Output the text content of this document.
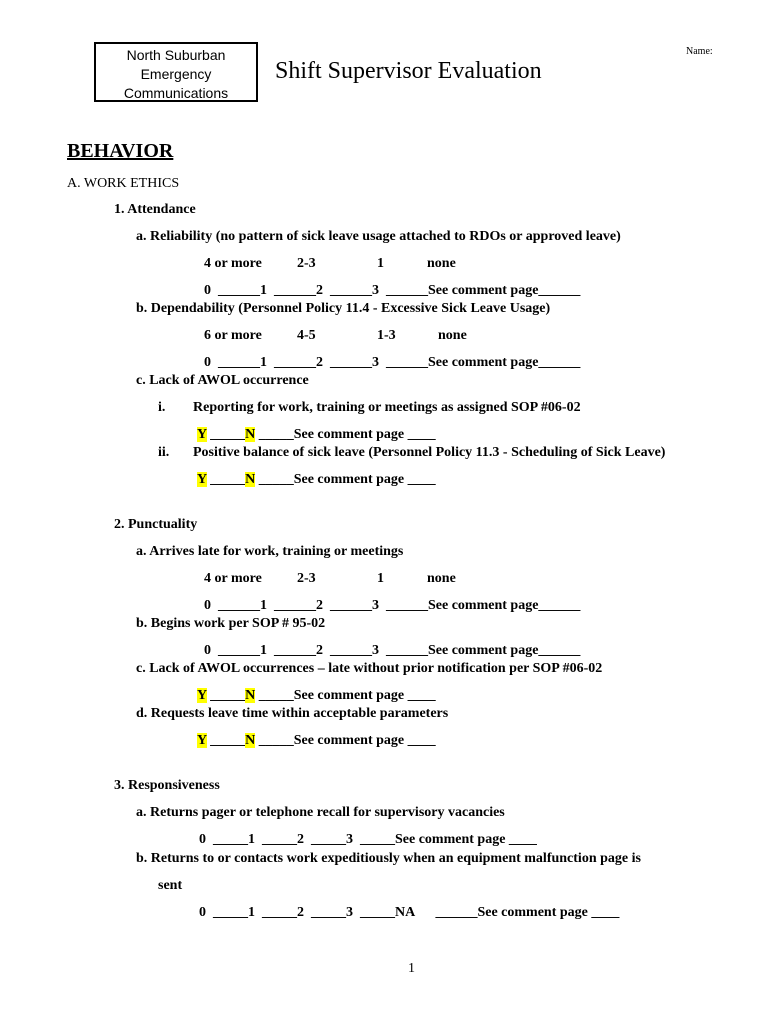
North Suburban
Emergency
Communications
Shift Supervisor Evaluation
Name:
BEHAVIOR
A. WORK ETHICS
1. Attendance
a. Reliability (no pattern of sick leave usage attached to RDOs or approved leave)
4 or more	2-3	1	none
0  ______1  ______2  ______3  ______See comment page______
b. Dependability (Personnel Policy 11.4 - Excessive Sick Leave Usage)
6 or more	4-5	1-3	none
0  ______1  ______2  ______3  ______See comment page______
c. Lack of AWOL occurrence
i. Reporting for work, training or meetings as assigned SOP #06-02
Y _____N _____See comment page ____
ii. Positive balance of sick leave (Personnel Policy 11.3 - Scheduling of Sick Leave)
Y _____N _____See comment page ____
2. Punctuality
a. Arrives late for work, training or meetings
4 or more	2-3	1	none
0  ______1  ______2  ______3  ______See comment page______
b. Begins work per SOP # 95-02
0  ______1  ______2  ______3  ______See comment page______
c. Lack of AWOL occurrences – late without prior notification per SOP #06-02
Y _____N _____See comment page ____
d. Requests leave time within acceptable parameters
Y _____N _____See comment page ____
3. Responsiveness
a. Returns pager or telephone recall for supervisory vacancies
0  _____1  _____2  _____3  _____See comment page ____
b. Returns to or contacts work expeditiously when an equipment malfunction page is
sent
0  _____1  _____2  _____3  _____NA      ______See comment page ____
1
